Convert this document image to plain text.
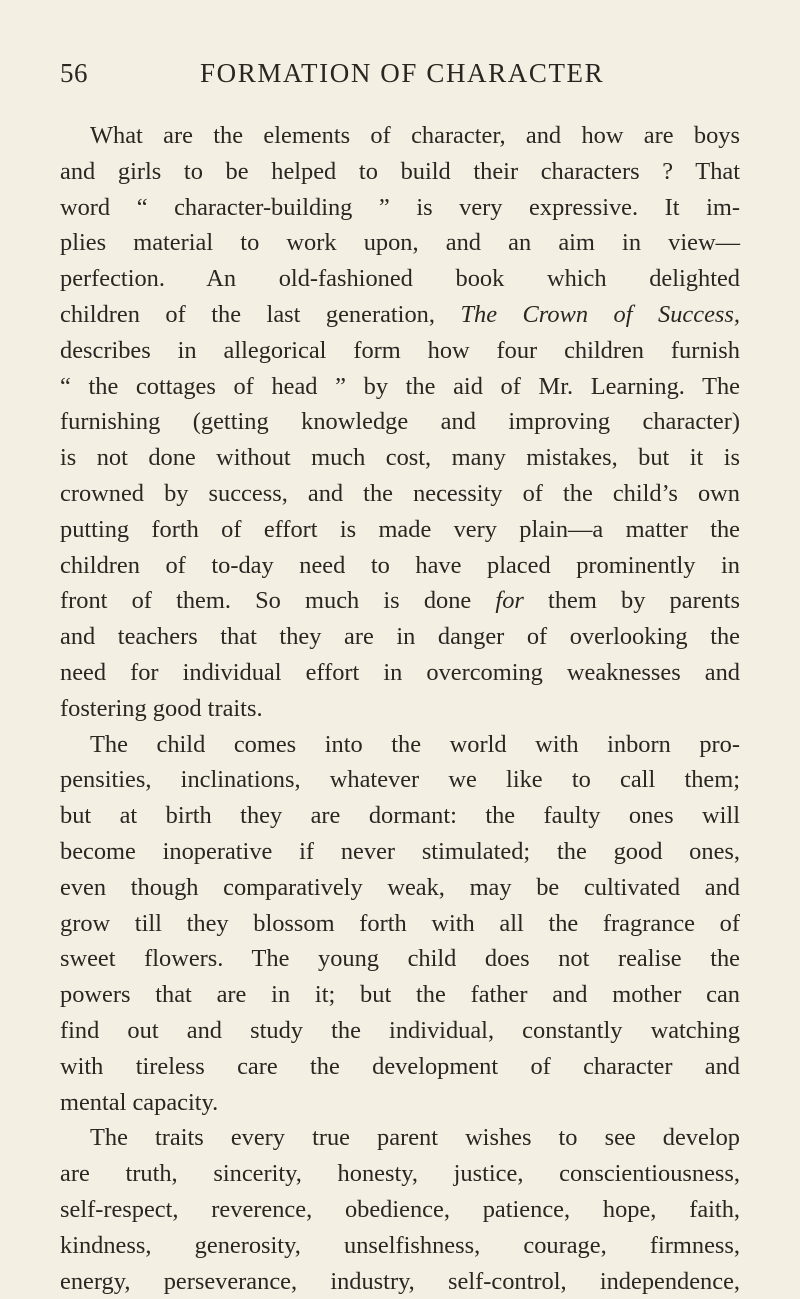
56	FORMATION OF CHARACTER
What are the elements of character, and how are boys
and girls to be helped to build their characters ? That
word “ character-building ” is very expressive. It im-
plies material to work upon, and an aim in view—
perfection. An old-fashioned book which delighted
children of the last generation, The Crown of Success,
describes in allegorical form how four children furnish
“ the cottages of head ” by the aid of Mr. Learning. The
furnishing (getting knowledge and improving character)
is not done without much cost, many mistakes, but it is
crowned by success, and the necessity of the child’s own
putting forth of effort is made very plain—a matter the
children of to-day need to have placed prominently in
front of them. So much is done for them by parents
and teachers that they are in danger of overlooking the
need for individual effort in overcoming weaknesses and
fostering good traits.
The child comes into the world with inborn pro-
pensities, inclinations, whatever we like to call them;
but at birth they are dormant: the faulty ones will
become inoperative if never stimulated; the good ones,
even though comparatively weak, may be cultivated and
grow till they blossom forth with all the fragrance of
sweet flowers. The young child does not realise the
powers that are in it; but the father and mother can
find out and study the individual, constantly watching
with tireless care the development of character and
mental capacity.
The traits every true parent wishes to see develop
are truth, sincerity, honesty, justice, conscientiousness,
self-respect, reverence, obedience, patience, hope, faith,
kindness, generosity, unselfishness, courage, firmness,
energy, perseverance, industry, self-control, independence,
